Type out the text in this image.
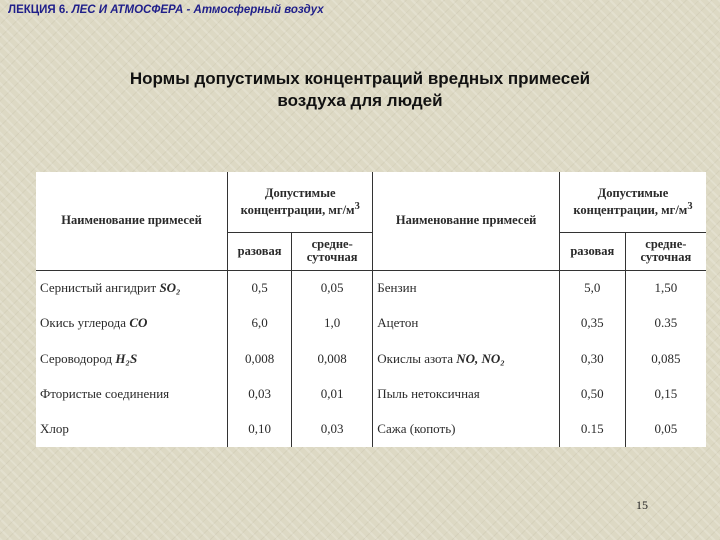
ЛЕКЦИЯ 6. ЛЕС И АТМОСФЕРА - Атмосферный воздух
Нормы допустимых концентраций вредных примесей
воздуха для людей
Наименование примесей	Допустимые концентрации, $мг/м^3$		Наименование примесей	Допустимые концентрации, $мг/м^3$
	разовая	средне-суточная		разовая	средне-суточная
Сернистый ангидрит SO₂	0,5	0,05	Бензин	5,0	1,50
Окись углерода CO	6,0	1,0	Ацетон	0,35	0.35
Сероводород H₂S	0,008	0,008	Окислы азота NO, NO₂	0,30	0,085
Фтористые соединения	0,03	0,01	Пыль нетоксичная	0,50	0,15
Хлор	0,10	0,03	Сажа (копоть)	0.15	0,05
15
